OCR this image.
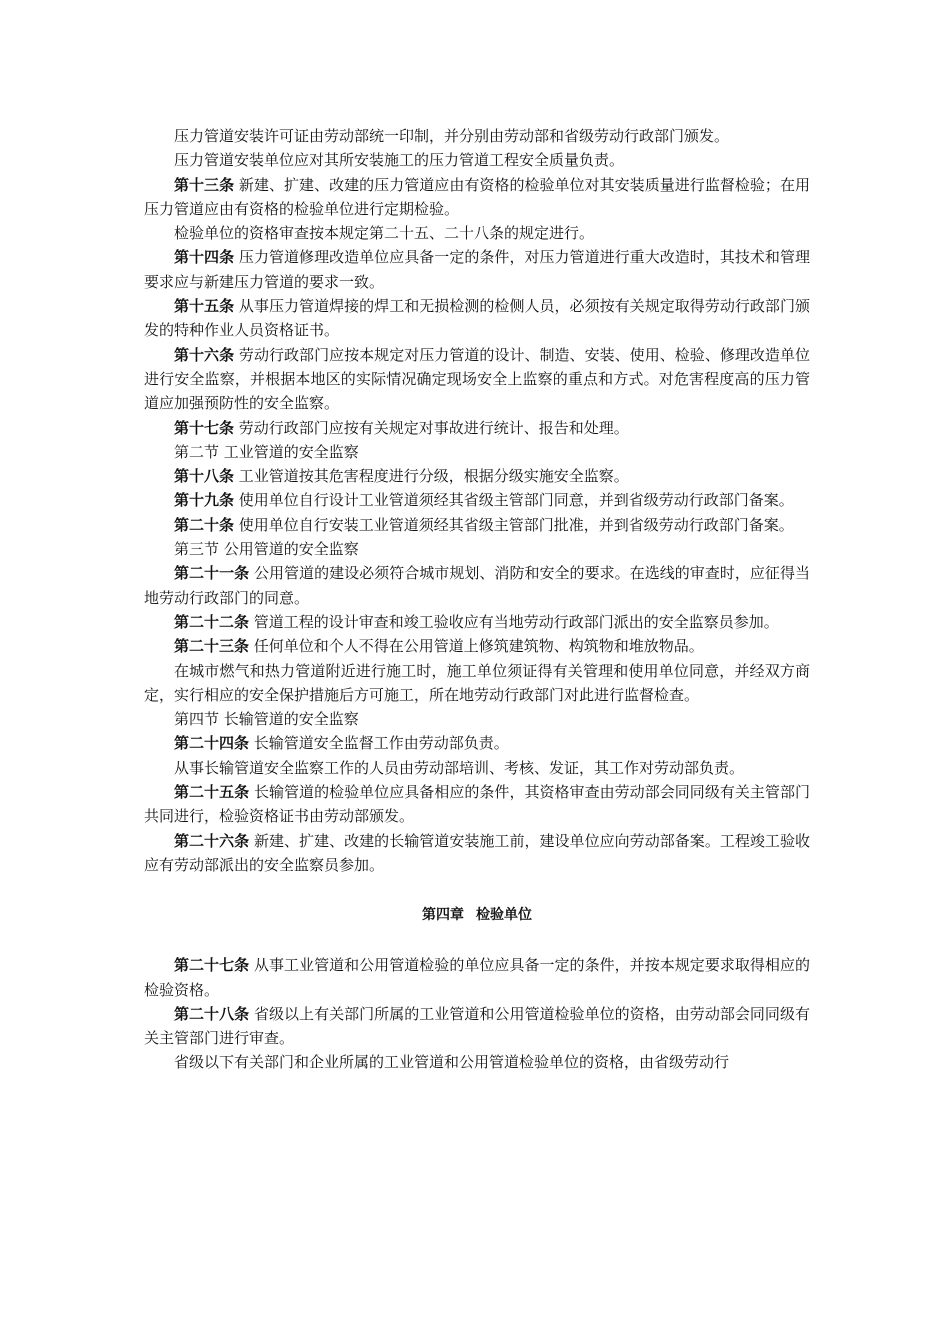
压力管道安装许可证由劳动部统一印制，并分别由劳动部和省级劳动行政部门颁发。

压力管道安装单位应对其所安装施工的压力管道工程安全质量负责。

第十三条 新建、扩建、改建的压力管道应由有资格的检验单位对其安装质量进行监督检验；在用压力管道应由有资格的检验单位进行定期检验。

检验单位的资格审查按本规定第二十五、二十八条的规定进行。

第十四条 压力管道修理改造单位应具备一定的条件，对压力管道进行重大改造时，其技术和管理要求应与新建压力管道的要求一致。

第十五条 从事压力管道焊接的焊工和无损检测的检侧人员，必须按有关规定取得劳动行政部门颁发的特种作业人员资格证书。

第十六条 劳动行政部门应按本规定对压力管道的设计、制造、安装、使用、检验、修理改造单位进行安全监察，并根据本地区的实际情况确定现场安全上监察的重点和方式。对危害程度高的压力管道应加强预防性的安全监察。

第十七条 劳动行政部门应按有关规定对事故进行统计、报告和处理。

第二节 工业管道的安全监察

第十八条 工业管道按其危害程度进行分级，根据分级实施安全监察。

第十九条 使用单位自行设计工业管道须经其省级主管部门同意，并到省级劳动行政部门备案。

第二十条 使用单位自行安装工业管道须经其省级主管部门批准，并到省级劳动行政部门备案。

第三节 公用管道的安全监察

第二十一条 公用管道的建设必须符合城市规划、消防和安全的要求。在选线的审查时，应征得当地劳动行政部门的同意。

第二十二条 管道工程的设计审查和竣工验收应有当地劳动行政部门派出的安全监察员参加。

第二十三条 任何单位和个人不得在公用管道上修筑建筑物、构筑物和堆放物品。

在城市燃气和热力管道附近进行施工时，施工单位须证得有关管理和使用单位同意，并经双方商定，实行相应的安全保护措施后方可施工，所在地劳动行政部门对此进行监督检查。

第四节 长输管道的安全监察

第二十四条 长输管道安全监督工作由劳动部负责。

从事长输管道安全监察工作的人员由劳动部培训、考核、发证，其工作对劳动部负责。

第二十五条 长输管道的检验单位应具备相应的条件，其资格审查由劳动部会同同级有关主管部门共同进行，检验资格证书由劳动部颁发。

第二十六条 新建、扩建、改建的长输管道安装施工前，建设单位应向劳动部备案。工程竣工验收应有劳动部派出的安全监察员参加。

第四章 检验单位

第二十七条 从事工业管道和公用管道检验的单位应具备一定的条件，并按本规定要求取得相应的检验资格。

第二十八条 省级以上有关部门所属的工业管道和公用管道检验单位的资格，由劳动部会同同级有关主管部门进行审查。

省级以下有关部门和企业所属的工业管道和公用管道检验单位的资格，由省级劳动行
